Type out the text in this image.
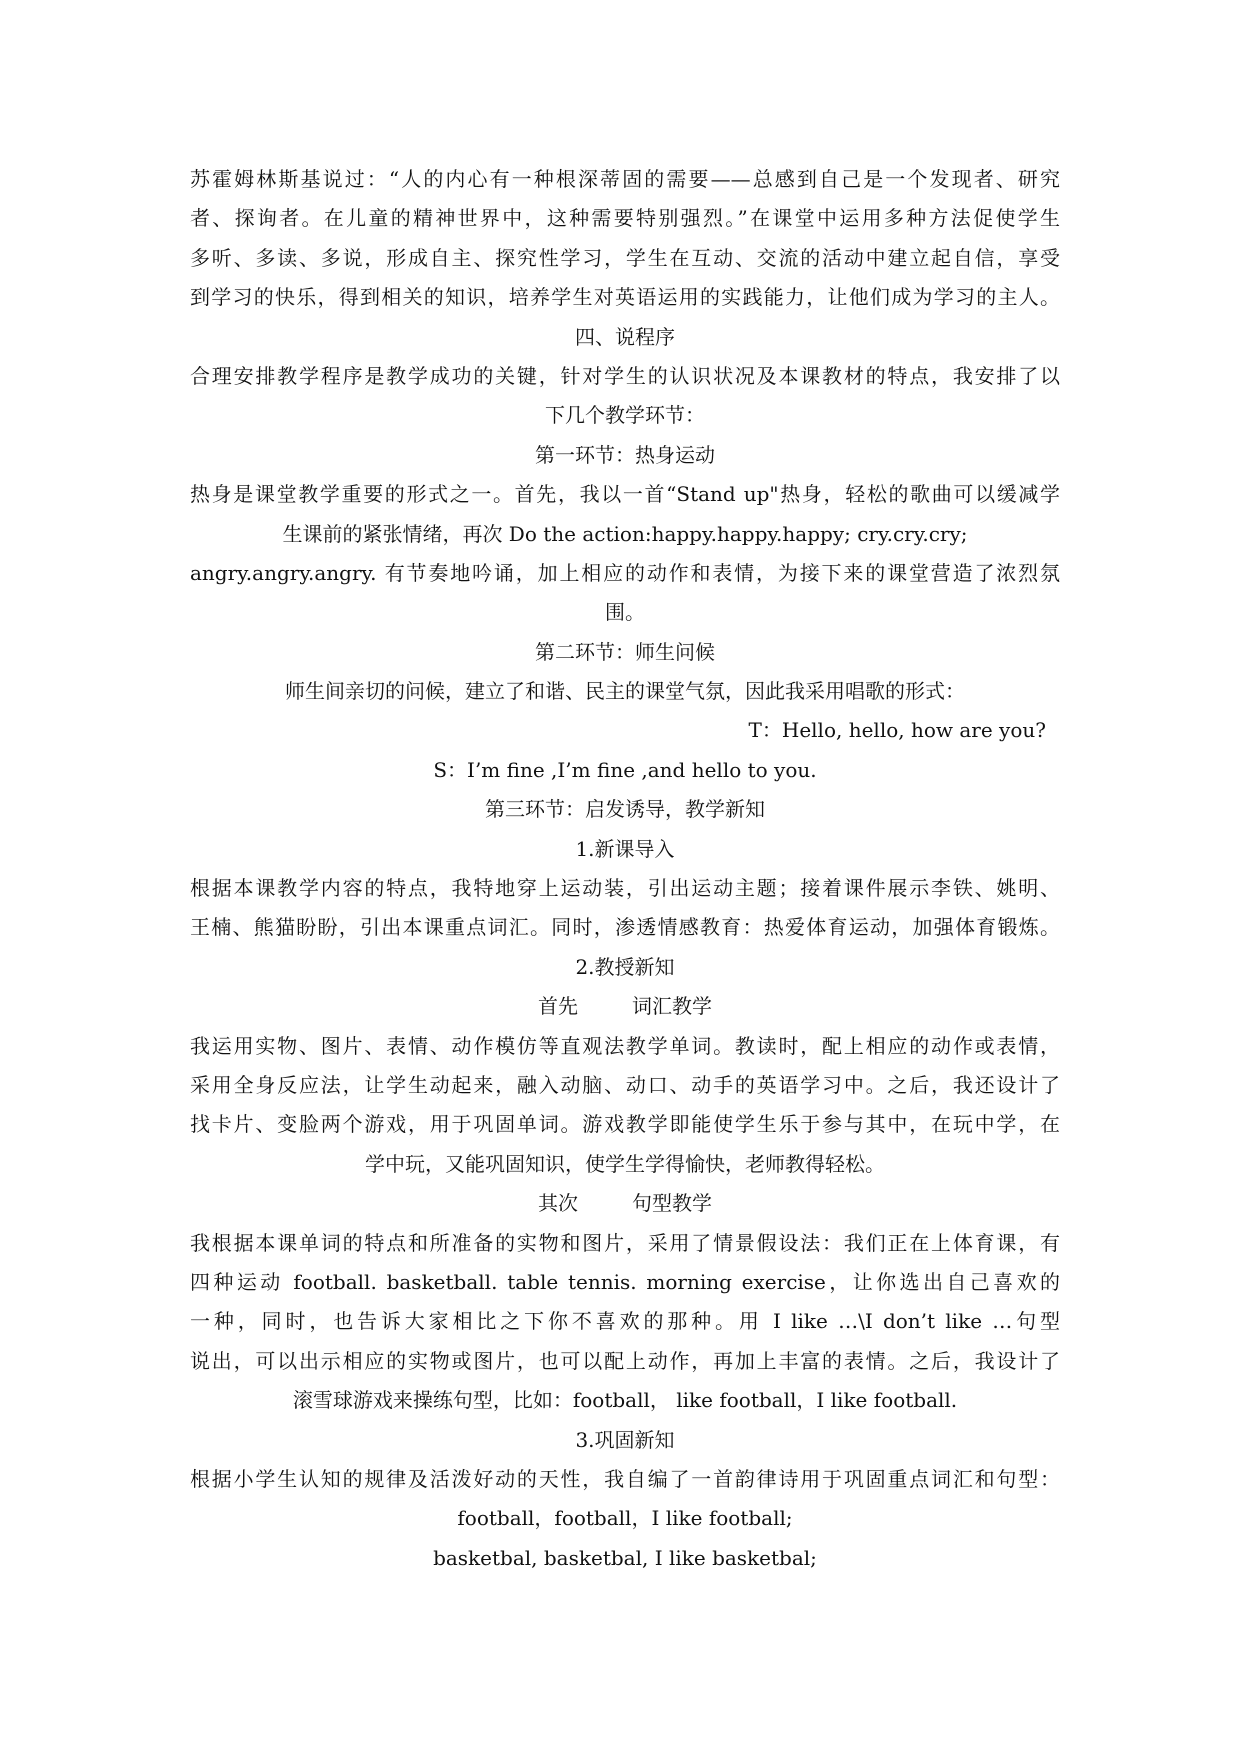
苏霍姆林斯基说过：“人的内心有一种根深蒂固的需要——总感到自己是一个发现者、研究
者、探询者。在儿童的精神世界中，这种需要特别强烈。”在课堂中运用多种方法促使学生
多听、多读、多说，形成自主、探究性学习，学生在互动、交流的活动中建立起自信，享受
到学习的快乐，得到相关的知识，培养学生对英语运用的实践能力，让他们成为学习的主人。
四、说程序
合理安排教学程序是教学成功的关键，针对学生的认识状况及本课教材的特点，我安排了以
下几个教学环节：
第一环节：热身运动
热身是课堂教学重要的形式之一。首先，我以一首“Stand up"热身，轻松的歌曲可以缓减学
生课前的紧张情绪，再次 Do the action:happy.happy.happy; cry.cry.cry;
angry.angry.angry. 有节奏地吟诵，加上相应的动作和表情，为接下来的课堂营造了浓烈氛
围。
第二环节：师生问候
师生间亲切的问候，建立了和谐、民主的课堂气氛，因此我采用唱歌的形式：
T：Hello, hello, how are you?
S：I’m fine ,I’m fine ,and hello to you.
第三环节：启发诱导，教学新知
1.新课导入
根据本课教学内容的特点，我特地穿上运动装，引出运动主题；接着课件展示李铁、姚明、
王楠、熊猫盼盼，引出本课重点词汇。同时，渗透情感教育：热爱体育运动，加强体育锻炼。
2.教授新知
首先	词汇教学
我运用实物、图片、表情、动作模仿等直观法教学单词。教读时，配上相应的动作或表情，
采用全身反应法，让学生动起来，融入动脑、动口、动手的英语学习中。之后，我还设计了
找卡片、变脸两个游戏，用于巩固单词。游戏教学即能使学生乐于参与其中，在玩中学，在
学中玩，又能巩固知识，使学生学得愉快，老师教得轻松。
其次	句型教学
我根据本课单词的特点和所准备的实物和图片，采用了情景假设法：我们正在上体育课，有
四种运动 football. basketball. table tennis. morning exercise，让你选出自己喜欢的
一种，同时，也告诉大家相比之下你不喜欢的那种。用 I like …\I don’t like …句型
说出，可以出示相应的实物或图片，也可以配上动作，再加上丰富的表情。之后，我设计了
滚雪球游戏来操练句型，比如：football， like football，I like football.
3.巩固新知
根据小学生认知的规律及活泼好动的天性，我自编了一首韵律诗用于巩固重点词汇和句型：
football，football，I like football;
basketbal, basketbal, I like basketbal;
